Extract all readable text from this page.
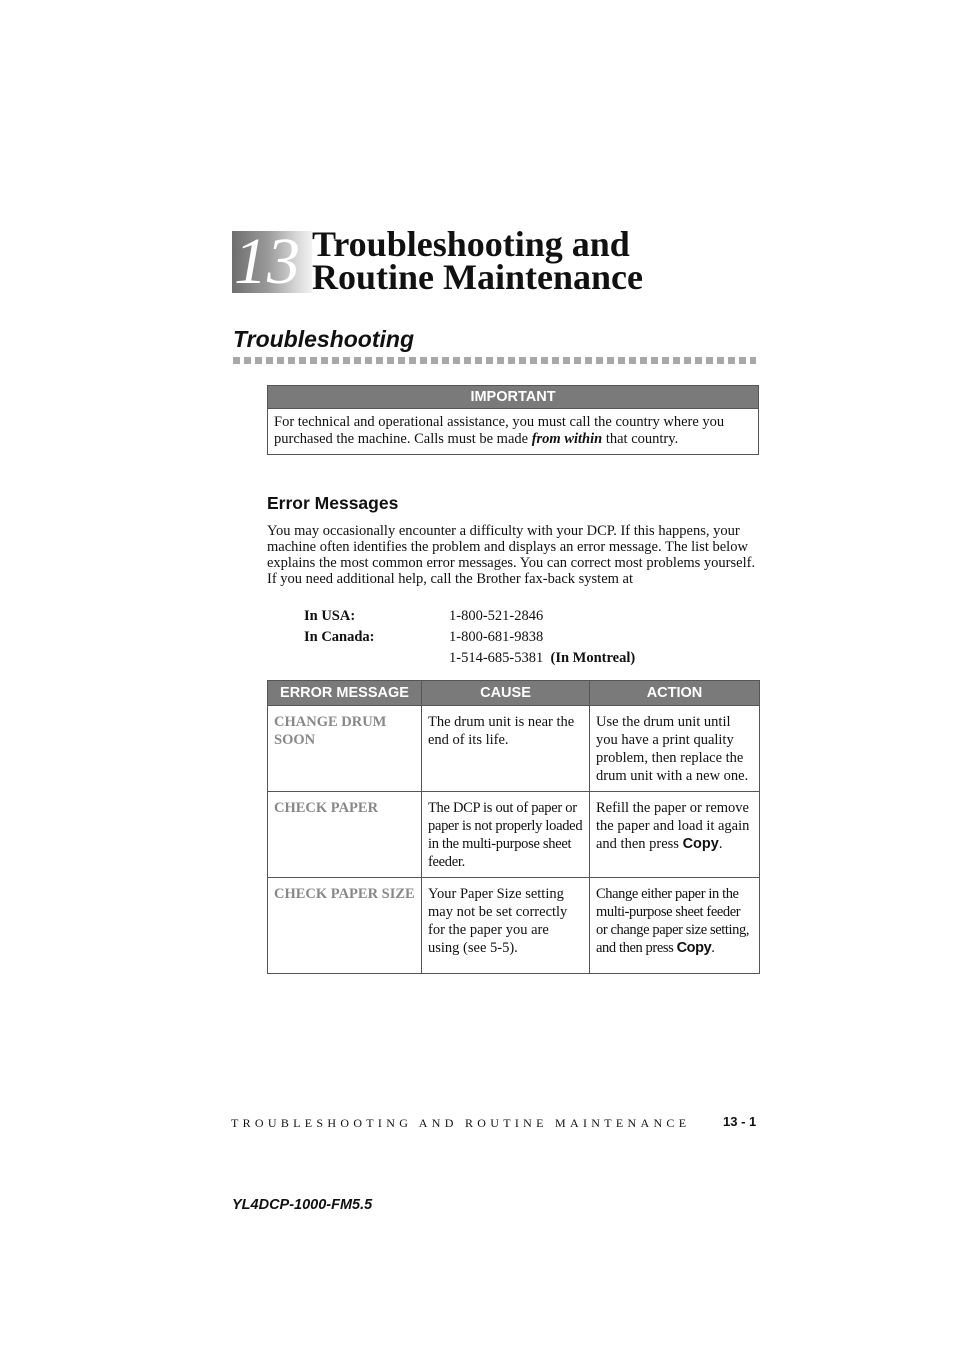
13 Troubleshooting and
Routine Maintenance
Troubleshooting
IMPORTANT
For technical and operational assistance, you must call the country where you purchased the machine. Calls must be made from within that country.
Error Messages

You may occasionally encounter a difficulty with your DCP. If this happens, your machine often identifies the problem and displays an error message. The list below explains the most common error messages. You can correct most problems yourself. If you need additional help, call the Brother fax-back system at

In USA:	1-800-521-2846
In Canada:	1-800-681-9838
1-514-685-5381 (In Montreal)
ERROR MESSAGE	CAUSE	ACTION
CHANGE DRUM SOON	The drum unit is near the end of its life.	Use the drum unit until you have a print quality problem, then replace the drum unit with a new one.
CHECK PAPER	The DCP is out of paper or paper is not properly loaded in the multi-purpose sheet feeder.	Refill the paper or remove the paper and load it again and then press Copy.
CHECK PAPER SIZE	Your Paper Size setting may not be set correctly for the paper you are using (see 5-5).	Change either paper in the multi-purpose sheet feeder or change paper size setting, and then press Copy.
TROUBLESHOOTING AND ROUTINE MAINTENANCE	13 - 1
YL4DCP-1000-FM5.5
